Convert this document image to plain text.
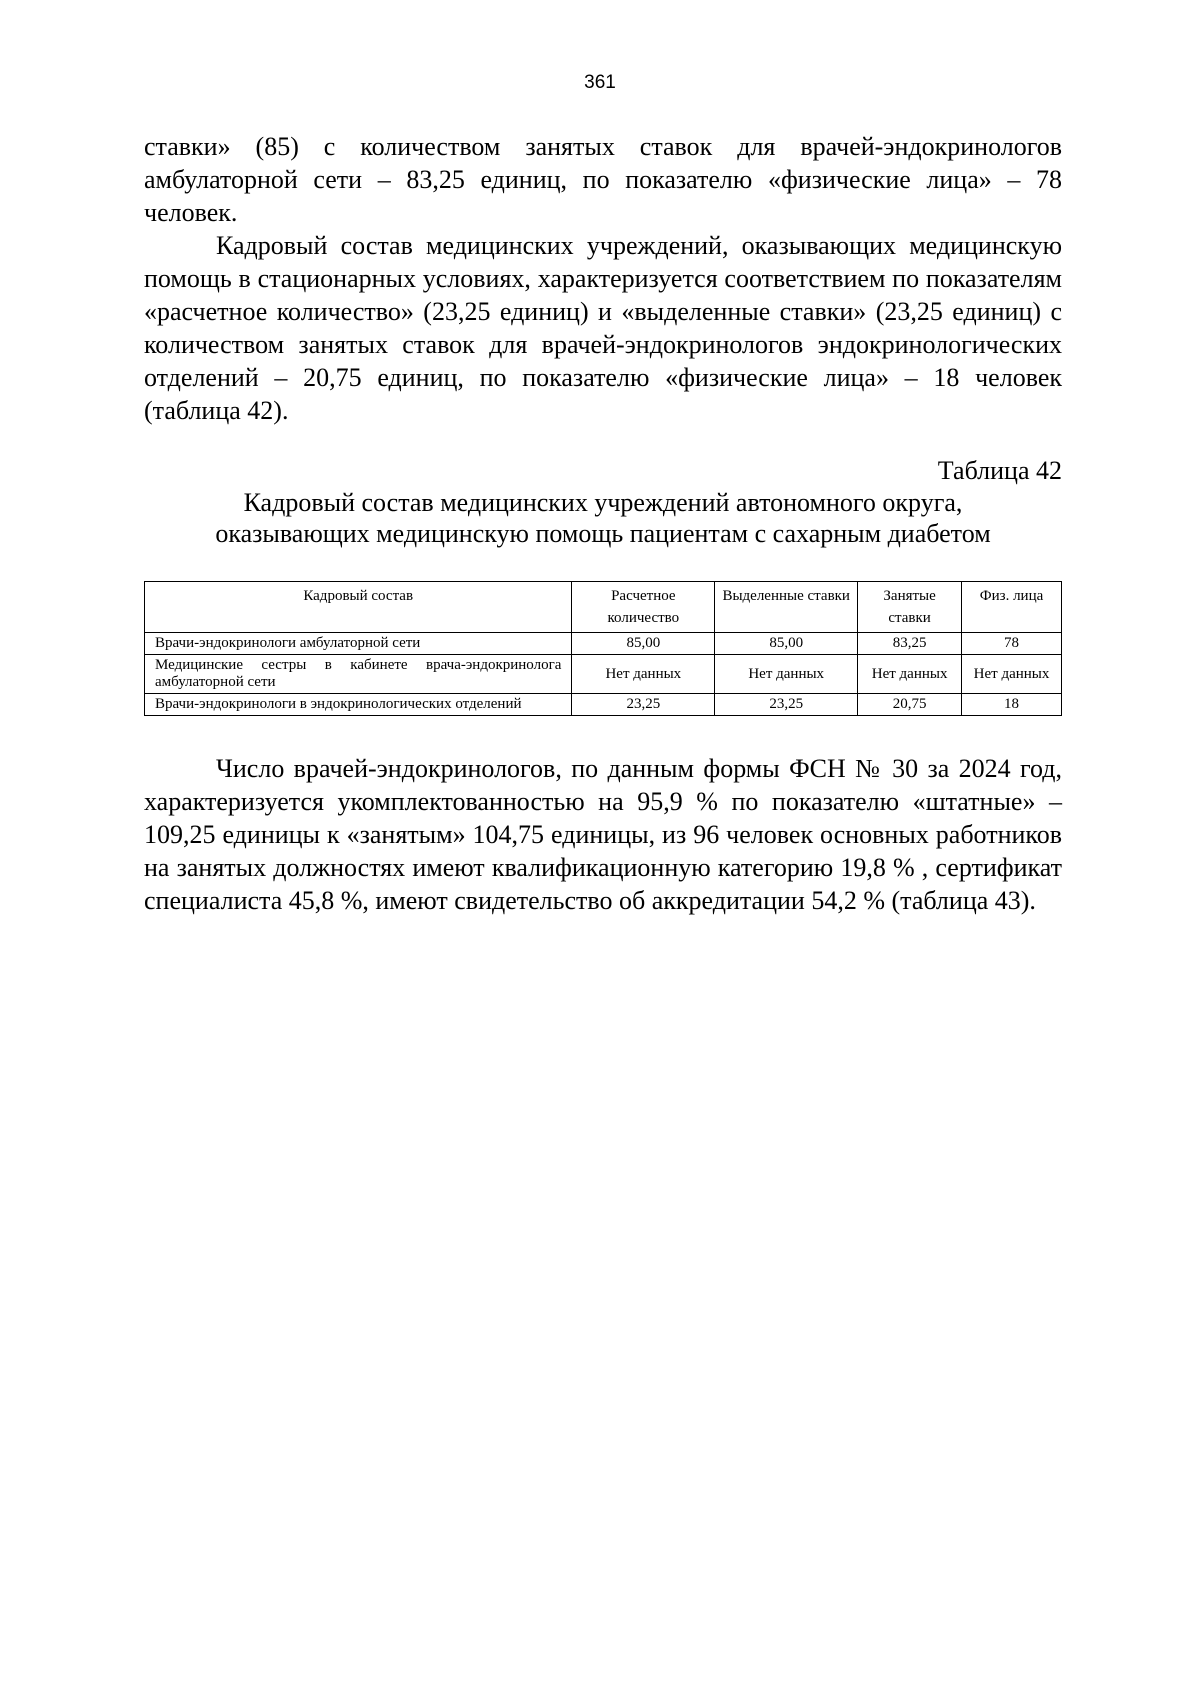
361

ставки» (85) с количеством занятых ставок для врачей-эндокринологов амбулаторной сети – 83,25 единиц, по показателю «физические лица» – 78 человек.

Кадровый состав медицинских учреждений, оказывающих медицинскую помощь в стационарных условиях, характеризуется соответствием по показателям «расчетное количество» (23,25 единиц) и «выделенные ставки» (23,25 единиц) с количеством занятых ставок для врачей-эндокринологов эндокринологических отделений – 20,75 единиц, по показателю «физические лица» – 18 человек (таблица 42).

Таблица 42

Кадровый состав медицинских учреждений автономного округа,
оказывающих медицинскую помощь пациентам с сахарным диабетом

Кадровый состав	Расчетное количество	Выделенные ставки	Занятые ставки	Физ. лица
Врачи-эндокринологи амбулаторной сети	85,00	85,00	83,25	78
Медицинские сестры в кабинете врача-эндокринолога амбулаторной сети	Нет данных	Нет данных	Нет данных	Нет данных
Врачи-эндокринологи в эндокринологических отделений	23,25	23,25	20,75	18

Число врачей-эндокринологов, по данным формы ФСН № 30 за 2024 год, характеризуется укомплектованностью на 95,9 % по показателю «штатные» – 109,25 единицы к «занятым» 104,75 единицы, из 96 человек основных работников на занятых должностях имеют квалификационную категорию 19,8 % , сертификат специалиста 45,8 %, имеют свидетельство об аккредитации 54,2 % (таблица 43).
